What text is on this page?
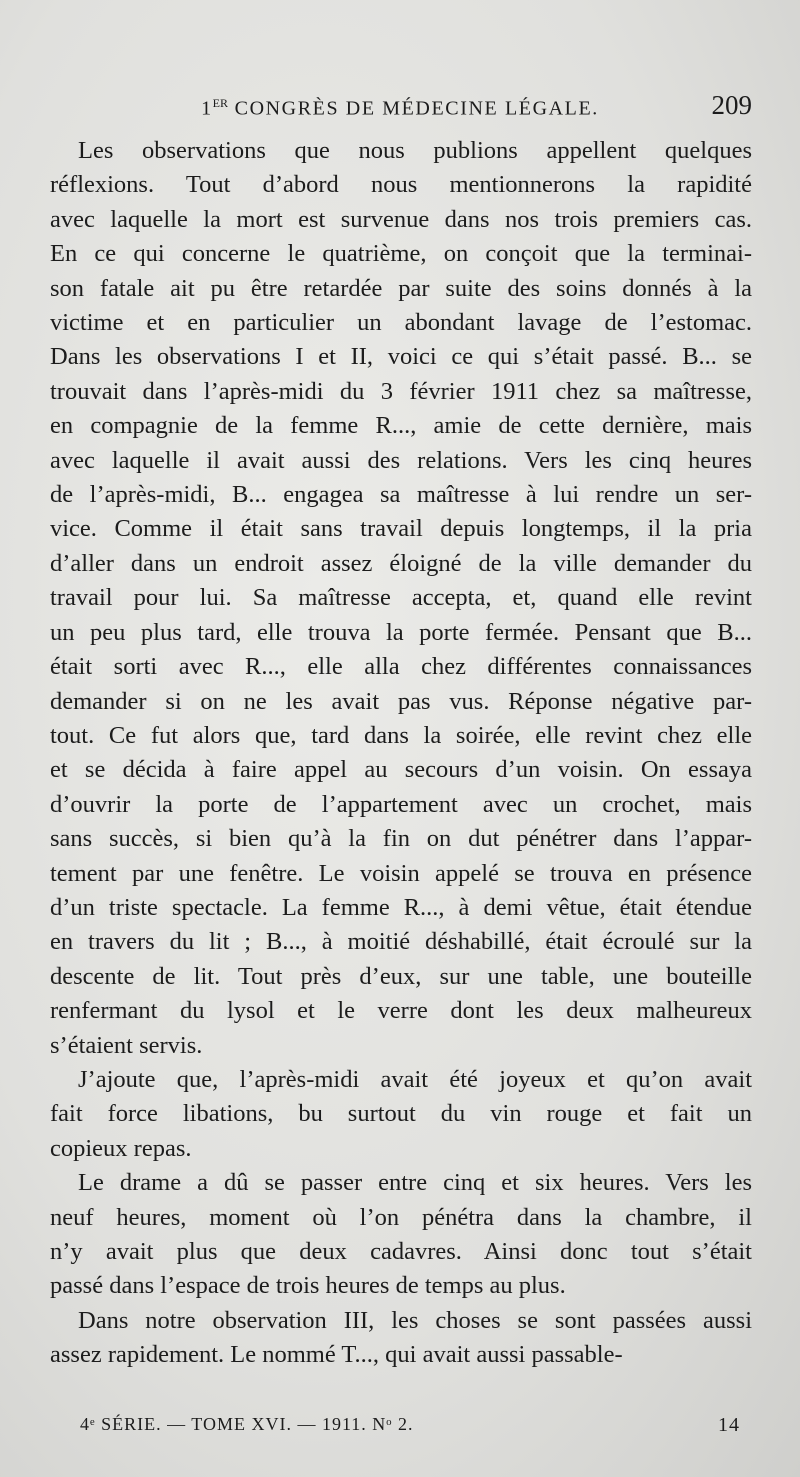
1ER CONGRÈS DE MÉDECINE LÉGALE.	209
Les observations que nous publions appellent quelques
réflexions. Tout d’abord nous mentionnerons la rapidité
avec laquelle la mort est survenue dans nos trois premiers cas.
En ce qui concerne le quatrième, on conçoit que la terminai-
son fatale ait pu être retardée par suite des soins donnés à la
victime et en particulier un abondant lavage de l’estomac.
Dans les observations I et II, voici ce qui s’était passé. B... se
trouvait dans l’après-midi du 3 février 1911 chez sa maîtresse,
en compagnie de la femme R..., amie de cette dernière, mais
avec laquelle il avait aussi des relations. Vers les cinq heures
de l’après-midi, B... engagea sa maîtresse à lui rendre un ser-
vice. Comme il était sans travail depuis longtemps, il la pria
d’aller dans un endroit assez éloigné de la ville demander du
travail pour lui. Sa maîtresse accepta, et, quand elle revint
un peu plus tard, elle trouva la porte fermée. Pensant que B...
était sorti avec R..., elle alla chez différentes connaissances
demander si on ne les avait pas vus. Réponse négative par-
tout. Ce fut alors que, tard dans la soirée, elle revint chez elle
et se décida à faire appel au secours d’un voisin. On essaya
d’ouvrir la porte de l’appartement avec un crochet, mais
sans succès, si bien qu’à la fin on dut pénétrer dans l’appar-
tement par une fenêtre. Le voisin appelé se trouva en présence
d’un triste spectacle. La femme R..., à demi vêtue, était étendue
en travers du lit ; B..., à moitié déshabillé, était écroulé sur la
descente de lit. Tout près d’eux, sur une table, une bouteille
renfermant du lysol et le verre dont les deux malheureux
s’étaient servis.
J’ajoute que, l’après-midi avait été joyeux et qu’on avait
fait force libations, bu surtout du vin rouge et fait un
copieux repas.
Le drame a dû se passer entre cinq et six heures. Vers les
neuf heures, moment où l’on pénétra dans la chambre, il
n’y avait plus que deux cadavres. Ainsi donc tout s’était
passé dans l’espace de trois heures de temps au plus.
Dans notre observation III, les choses se sont passées aussi
assez rapidement. Le nommé T..., qui avait aussi passable-
4ᵉ SÉRIE. — TOME XVI. — 1911. Nᵒ 2.	14
